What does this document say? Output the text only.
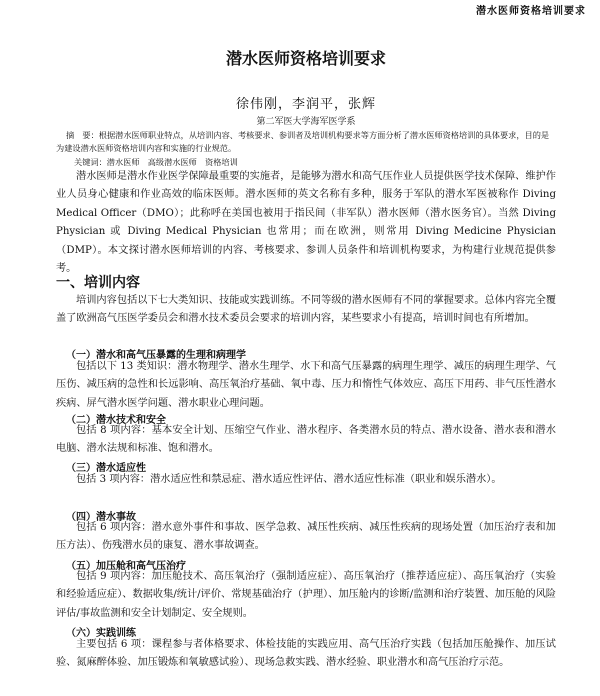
潜水医师资格培训要求
潜水医师资格培训要求
徐伟刚，李润平，张辉
第二军医大学海军医学系

摘　要：根据潜水医师职业特点，从培训内容、考核要求、参训者及培训机构要求等方面分析了潜水医师资格培训的具体要求，目的是为建设潜水医师资格培训内容和实施的行业规范。

关键词：潜水医师　高级潜水医师　资格培训

潜水医师是潜水作业医学保障最重要的实施者，是能够为潜水和高气压作业人员提供医学技术保障、维护作业人员身心健康和作业高效的临床医师。潜水医师的英文名称有多种，服务于军队的潜水军医被称作 Diving Medical Officer（DMO）；此称呼在美国也被用于指民间（非军队）潜水医师（潜水医务官）。当然 Diving Physician 或 Diving Medical Physician 也常用；而在欧洲，则常用 Diving Medicine Physician（DMP）。本文探讨潜水医师培训的内容、考核要求、参训人员条件和培训机构要求，为构建行业规范提供参考。

一、培训内容

培训内容包括以下七大类知识、技能或实践训练。不同等级的潜水医师有不同的掌握要求。总体内容完全覆盖了欧洲高气压医学委员会和潜水技术委员会要求的培训内容，某些要求小有提高，培训时间也有所增加。

（一）潜水和高气压暴露的生理和病理学

包括以下 13 类知识：潜水物理学、潜水生理学、水下和高气压暴露的病理生理学、减压的病理生理学、气压伤、减压病的急性和长远影响、高压氧治疗基础、氧中毒、压力和惰性气体效应、高压下用药、非气压性潜水疾病、屏气潜水医学问题、潜水职业心理问题。

（二）潜水技术和安全

包括 8 项内容：基本安全计划、压缩空气作业、潜水程序、各类潜水员的特点、潜水设备、潜水表和潜水电脑、潜水法规和标准、饱和潜水。

（三）潜水适应性

包括 3 项内容：潜水适应性和禁忌症、潜水适应性评估、潜水适应性标准（职业和娱乐潜水）。

（四）潜水事故

包括 6 项内容：潜水意外事件和事故、医学急救、减压性疾病、减压性疾病的现场处置（加压治疗表和加压方法）、伤残潜水员的康复、潜水事故调查。

（五）加压舱和高气压治疗

包括 9 项内容：加压舱技术、高压氧治疗（强制适应症）、高压氧治疗（推荐适应症）、高压氧治疗（实验和经验适应症）、数据收集/统计/评价、常规基础治疗（护理）、加压舱内的诊断/监测和治疗装置、加压舱的风险评估/事故监测和安全计划制定、安全规则。

（六）实践训练

主要包括 6 项：课程参与者体格要求、体检技能的实践应用、高气压治疗实践（包括加压舱操作、加压试验、氮麻醉体验、加压锻炼和氧敏感试验）、现场急救实践、潜水经验、职业潜水和高气压治疗示范。
